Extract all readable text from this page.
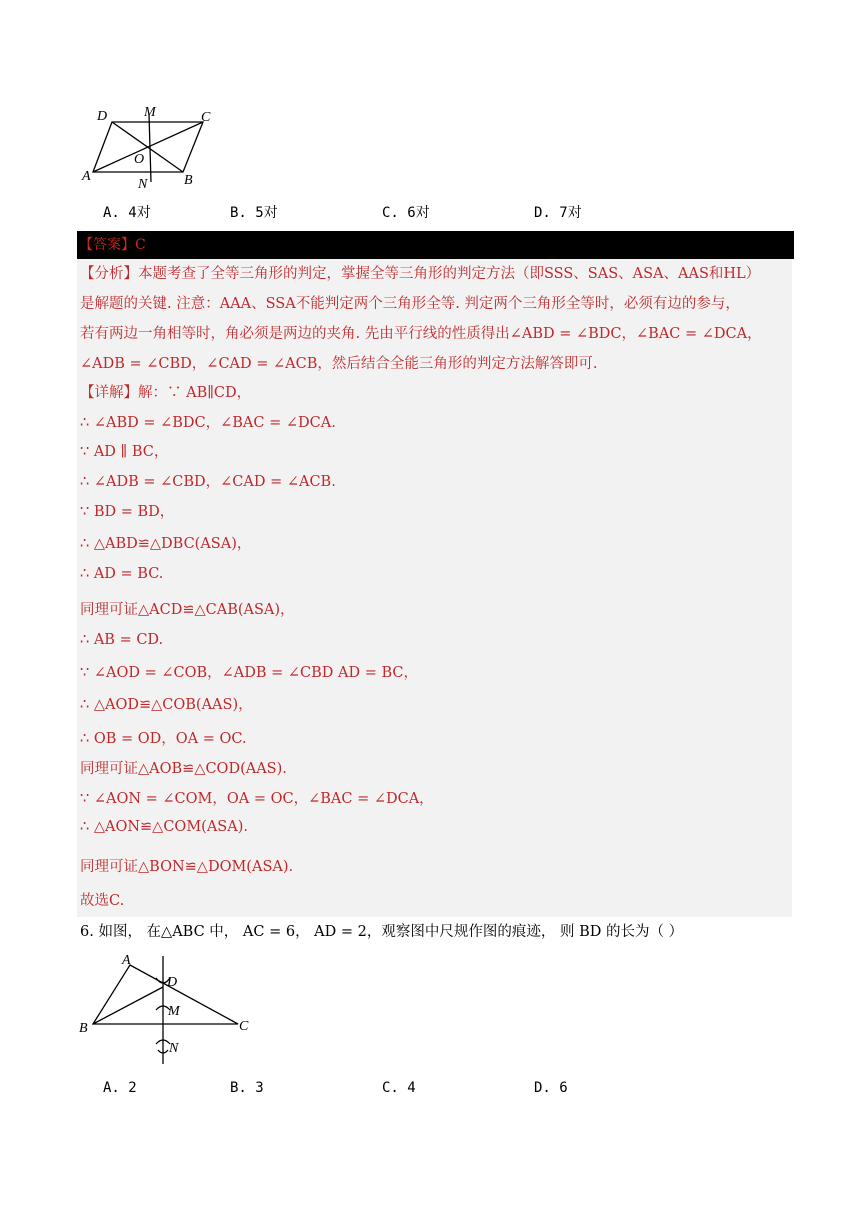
D	M	C
O
A
N	B
A. 4对	B. 5对	C. 6对	D. 7对
【答案】C
【分析】本题考查了全等三角形的判定，掌握全等三角形的判定方法（即SSS、SAS、ASA、AAS和HL）
是解题的关键. 注意：AAA、SSA不能判定两个三角形全等. 判定两个三角形全等时，必须有边的参与，
若有两边一角相等时，角必须是两边的夹角. 先由平行线的性质得出∠ABD = ∠BDC，∠BAC = ∠DCA，
∠ADB = ∠CBD，∠CAD = ∠ACB，然后结合全能三角形的判定方法解答即可.
【详解】解：∵ AB∥CD，
∴ ∠ABD = ∠BDC，∠BAC = ∠DCA.
∵ AD ∥ BC，
∴ ∠ADB = ∠CBD，∠CAD = ∠ACB.
∵ BD = BD，
∴ △ABD≌△DBC(ASA)，
∴ AD = BC.
同理可证△ACD≌△CAB(ASA)，
∴ AB = CD.
∵ ∠AOD = ∠COB，∠ADB = ∠CBD AD = BC，
∴ △AOD≌△COB(AAS)，
∴ OB = OD，OA = OC.
同理可证△AOB≌△COD(AAS).
∵ ∠AON = ∠COM，OA = OC，∠BAC = ∠DCA，
∴ △AON≌△COM(ASA).
同理可证△BON≌△DOM(ASA).
故选C.
6. 如图， 在△ABC 中， AC = 6， AD = 2，观察图中尺规作图的痕迹， 则 BD 的长为（ ）
A
D
M
B	C
N
A. 2	B. 3	C. 4	D. 6
